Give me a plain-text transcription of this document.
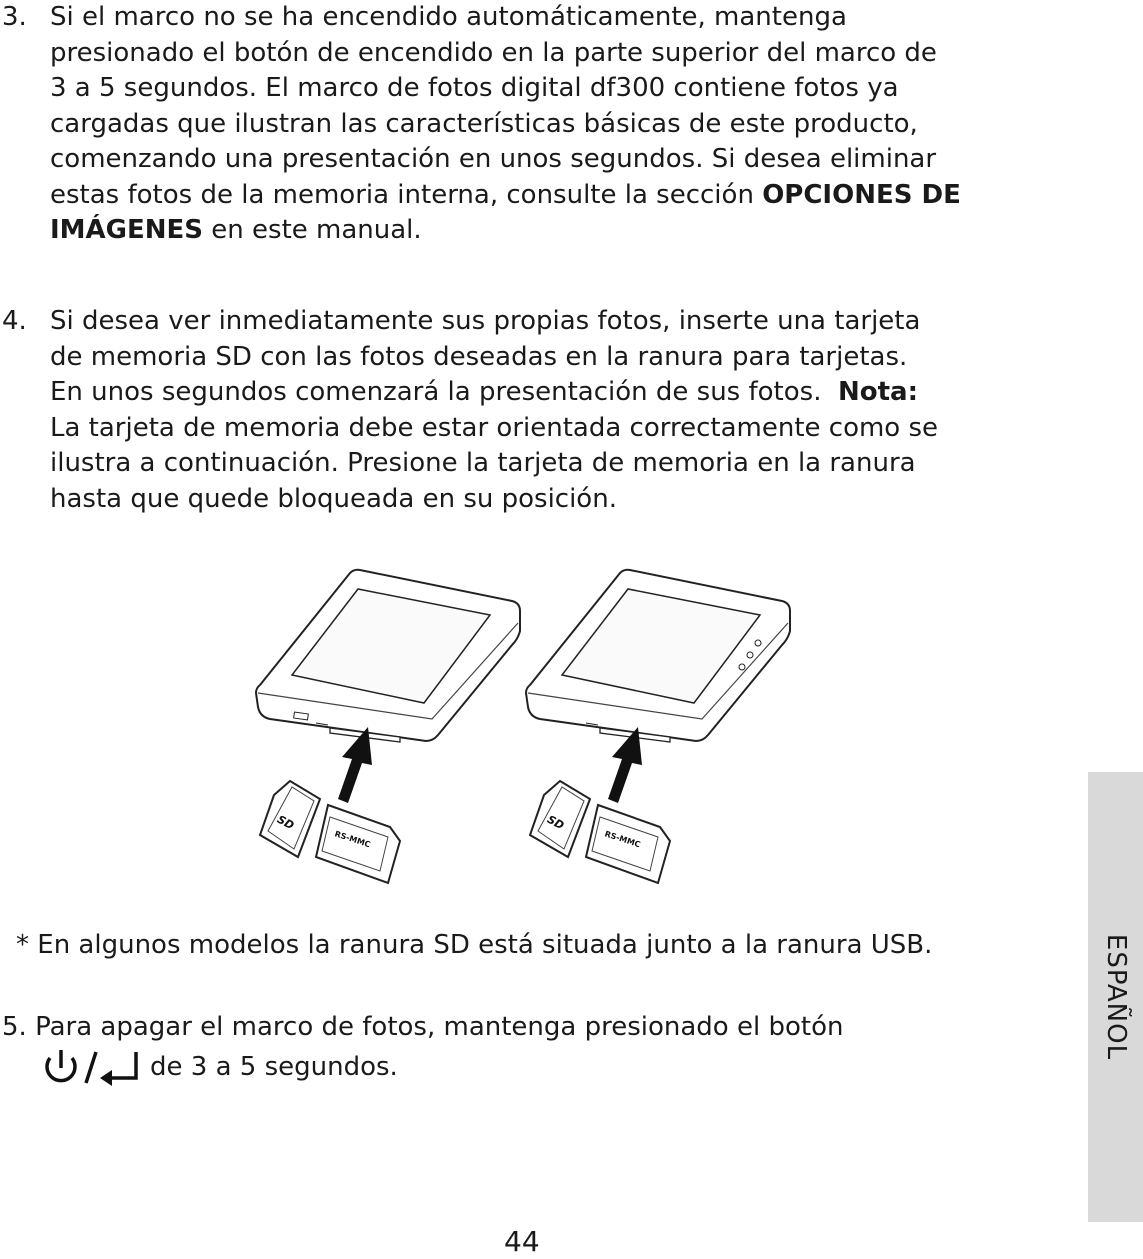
3. Si el marco no se ha encendido automáticamente, mantenga
presionado el botón de encendido en la parte superior del marco de
3 a 5 segundos. El marco de fotos digital df300 contiene fotos ya
cargadas que ilustran las características básicas de este producto,
comenzando una presentación en unos segundos. Si desea eliminar
estas fotos de la memoria interna, consulte la sección OPCIONES DE
IMÁGENES en este manual.
4. Si desea ver inmediatamente sus propias fotos, inserte una tarjeta
de memoria SD con las fotos deseadas en la ranura para tarjetas.
En unos segundos comenzará la presentación de sus fotos.  Nota:
La tarjeta de memoria debe estar orientada correctamente como se
ilustra a continuación. Presione la tarjeta de memoria en la ranura
hasta que quede bloqueada en su posición.
SD
RS-MMC
SD
RS-MMC
* En algunos modelos la ranura SD está situada junto a la ranura USB.
5. Para apagar el marco de fotos, mantenga presionado el botón
de 3 a 5 segundos.
ESPAÑOL
44
